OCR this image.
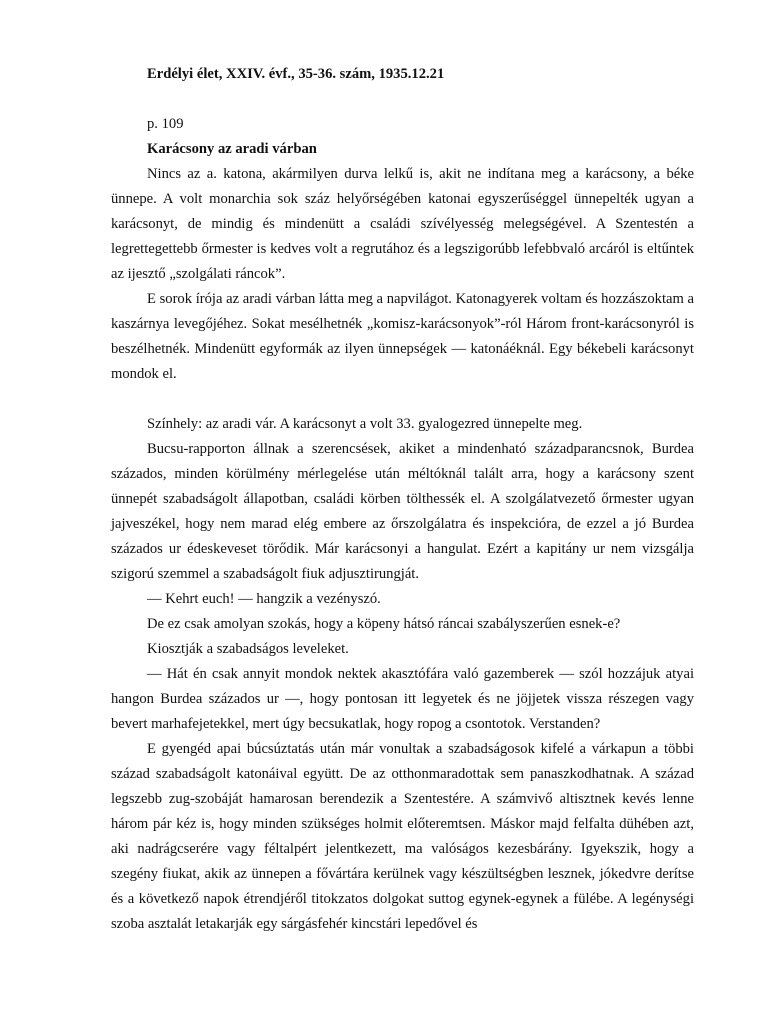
Erdélyi élet, XXIV. évf., 35-36. szám, 1935.12.21
p. 109
Karácsony az aradi várban

Nincs az a. katona, akármilyen durva lelkű is, akit ne indítana meg a karácsony, a béke ünnepe. A volt monarchia sok száz helyőrségében katonai egyszerűséggel ünnepelték ugyan a karácsonyt, de mindig és mindenütt a családi szívélyesség melegségével. A Szentestén a legrettegettebb őrmester is kedves volt a regrutához és a legszigorúbb lefebbvaló arcáról is eltűntek az ijesztő „szolgálati ráncok”.

E sorok írója az aradi várban látta meg a napvilágot. Katonagyerek voltam és hozzászoktam a kaszárnya levegőjéhez. Sokat mesélhetnék „komisz-karácsonyok”-ról Három front-karácsonyról is beszélhetnék. Mindenütt egyformák az ilyen ünnepségek — katonáéknál. Egy békebeli karácsonyt mondok el.

Színhely: az aradi vár. A karácsonyt a volt 33. gyalogezred ünnepelte meg.

Bucsu-rapporton állnak a szerencsések, akiket a mindenható századparancsnok, Burdea százados, minden körülmény mérlegelése után méltóknál talált arra, hogy a karácsony szent ünnepét szabadságolt állapotban, családi körben tölthessék el. A szolgálatvezető őrmester ugyan jajveszékel, hogy nem marad elég embere az őrszolgálatra és inspekcióra, de ezzel a jó Burdea százados ur édeskeveset törődik. Már karácsonyi a hangulat. Ezért a kapitány ur nem vizsgálja szigorú szemmel a szabadságolt fiuk adjusztirungját.

— Kehrt euch! — hangzik a vezényszó.

De ez csak amolyan szokás, hogy a köpeny hátsó ráncai szabályszerűen esnek-e?

Kiosztják a szabadságos leveleket.

— Hát én csak annyit mondok nektek akasztófára való gazemberek — szól hozzájuk atyai hangon Burdea százados ur —, hogy pontosan itt legyetek és ne jöjjetek vissza részegen vagy bevert marhafejetekkel, mert úgy becsukatlak, hogy ropog a csontotok. Verstanden?

E gyengéd apai búcsúztatás után már vonultak a szabadságosok kifelé a várkapun a többi század szabadságolt katonáival együtt. De az otthonmaradottak sem panaszkodhatnak. A század legszebb zug-szobáját hamarosan berendezik a Szentestére. A számvivő altisztnek kevés lenne három pár kéz is, hogy minden szükséges holmit előteremtsen. Máskor majd felfalta dühében azt, aki nadrágcserére vagy féltalpért jelentkezett, ma valóságos kezesbárány. Igyekszik, hogy a szegény fiukat, akik az ünnepen a fővártára kerülnek vagy készültségben lesznek, jókedvre derítse és a következő napok étrendjéről titokzatos dolgokat suttog egynek-egynek a fülébe. A legénységi szoba asztalát letakarják egy sárgásfehér kincstári lepedővel és
